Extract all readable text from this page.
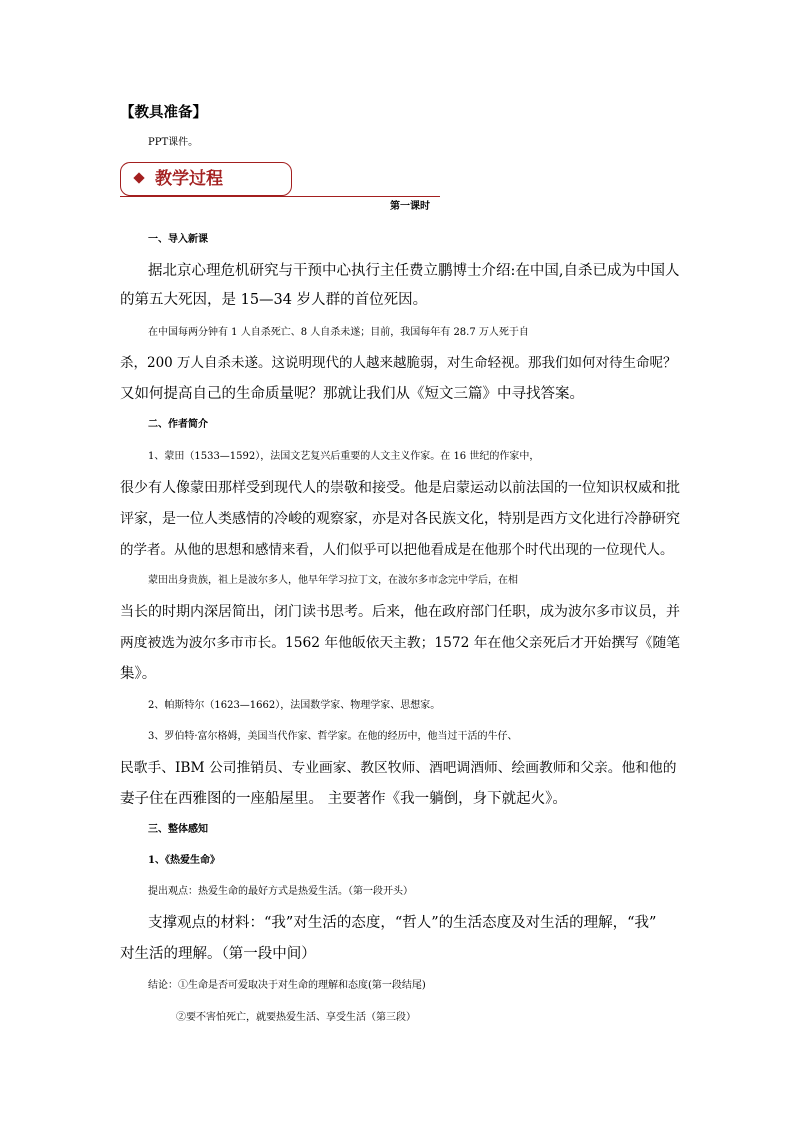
【教具准备】
PPT课件。
教学过程
第一课时
一、导入新课
据北京心理危机研究与干预中心执行主任费立鹏博士介绍:在中国,自杀已成为中国人
的第五大死因，是 15—34 岁人群的首位死因。
在中国每两分钟有 1 人自杀死亡、8 人自杀未遂；目前，我国每年有 28.7 万人死于自
杀，200 万人自杀未遂。这说明现代的人越来越脆弱，对生命轻视。那我们如何对待生命呢？
又如何提高自己的生命质量呢？那就让我们从《短文三篇》中寻找答案。
二、作者简介
1、蒙田（1533—1592），法国文艺复兴后重要的人文主义作家。在 16 世纪的作家中，
很少有人像蒙田那样受到现代人的崇敬和接受。他是启蒙运动以前法国的一位知识权威和批
评家，是一位人类感情的冷峻的观察家，亦是对各民族文化，特别是西方文化进行冷静研究
的学者。从他的思想和感情来看，人们似乎可以把他看成是在他那个时代出现的一位现代人。
蒙田出身贵族，祖上是波尔多人，他早年学习拉丁文，在波尔多市念完中学后，在相
当长的时期内深居简出，闭门读书思考。后来，他在政府部门任职，成为波尔多市议员，并
两度被选为波尔多市市长。1562 年他皈依天主教；1572 年在他父亲死后才开始撰写《随笔
集》。
2、帕斯特尔（1623—1662），法国数学家、物理学家、思想家。
3、罗伯特·富尔格姆，美国当代作家、哲学家。在他的经历中，他当过干活的牛仔、
民歌手、IBM 公司推销员、专业画家、教区牧师、酒吧调酒师、绘画教师和父亲。他和他的
妻子住在西雅图的一座船屋里。 主要著作《我一躺倒，身下就起火》。
三、整体感知
1、《热爱生命》
提出观点：热爱生命的最好方式是热爱生活。（第一段开头）
支撑观点的材料：“我”对生活的态度，“哲人”的生活态度及对生活的理解，“我”
对生活的理解。（第一段中间）
结论：①生命是否可爱取决于对生命的理解和态度(第一段结尾)
②要不害怕死亡，就要热爱生活、享受生活（第三段）
